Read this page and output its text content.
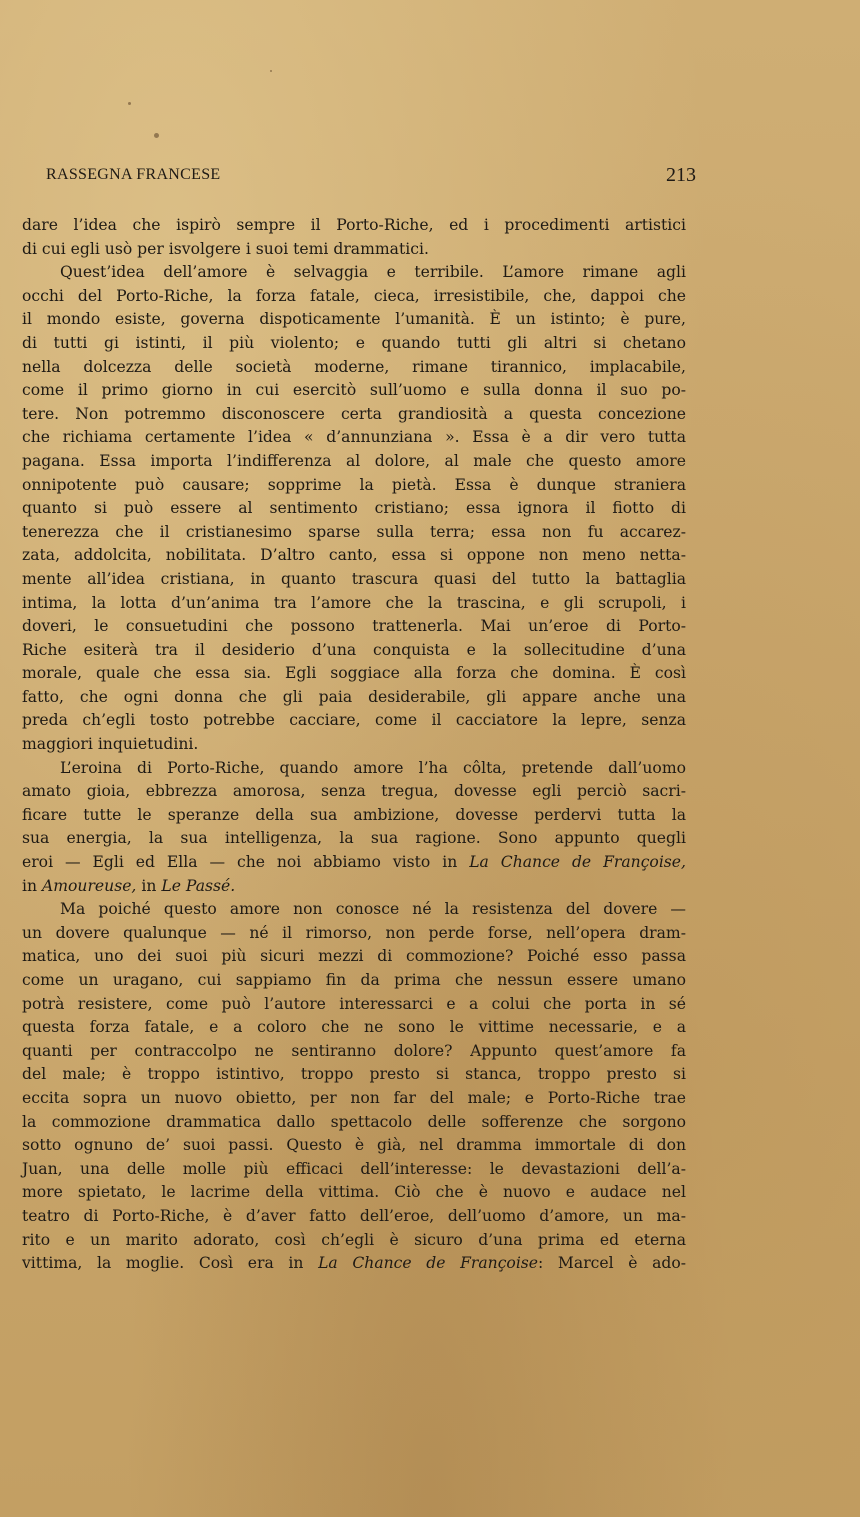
RASSEGNA FRANCESE	213
dare l’idea che ispirò sempre il Porto-Riche, ed i procedimenti artistici
di cui egli usò per isvolgere i suoi temi drammatici.
Quest’idea dell’amore è selvaggia e terribile. L’amore rimane agli
occhi del Porto-Riche, la forza fatale, cieca, irresistibile, che, dappoi che
il mondo esiste, governa dispoticamente l’umanità. È un istinto; è pure,
di tutti gi istinti, il più violento; e quando tutti gli altri si chetano
nella dolcezza delle società moderne, rimane tirannico, implacabile,
come il primo giorno in cui esercitò sull’uomo e sulla donna il suo po-
tere. Non potremmo disconoscere certa grandiosità a questa concezione
che richiama certamente l’idea « d’annunziana ». Essa è a dir vero tutta
pagana. Essa importa l’indifferenza al dolore, al male che questo amore
onnipotente può causare; sopprime la pietà. Essa è dunque straniera
quanto si può essere al sentimento cristiano; essa ignora il fiotto di
tenerezza che il cristianesimo sparse sulla terra; essa non fu accarez-
zata, addolcita, nobilitata. D’altro canto, essa si oppone non meno netta-
mente all’idea cristiana, in quanto trascura quasi del tutto la battaglia
intima, la lotta d’un’anima tra l’amore che la trascina, e gli scrupoli, i
doveri, le consuetudini che possono trattenerla. Mai un’eroe di Porto-
Riche esiterà tra il desiderio d’una conquista e la sollecitudine d’una
morale, quale che essa sia. Egli soggiace alla forza che domina. È così
fatto, che ogni donna che gli paia desiderabile, gli appare anche una
preda ch’egli tosto potrebbe cacciare, come il cacciatore la lepre, senza
maggiori inquietudini.
L’eroina di Porto-Riche, quando amore l’ha côlta, pretende dall’uomo
amato gioia, ebbrezza amorosa, senza tregua, dovesse egli perciò sacri-
ficare tutte le speranze della sua ambizione, dovesse perdervi tutta la
sua energia, la sua intelligenza, la sua ragione. Sono appunto quegli
eroi — Egli ed Ella — che noi abbiamo visto in La Chance de Françoise,
in Amoureuse, in Le Passé.
Ma poiché questo amore non conosce né la resistenza del dovere —
un dovere qualunque — né il rimorso, non perde forse, nell’opera dram-
matica, uno dei suoi più sicuri mezzi di commozione? Poiché esso passa
come un uragano, cui sappiamo fin da prima che nessun essere umano
potrà resistere, come può l’autore interessarci e a colui che porta in sé
questa forza fatale, e a coloro che ne sono le vittime necessarie, e a
quanti per contraccolpo ne sentiranno dolore? Appunto quest’amore fa
del male; è troppo istintivo, troppo presto si stanca, troppo presto si
eccita sopra un nuovo obietto, per non far del male; e Porto-Riche trae
la commozione drammatica dallo spettacolo delle sofferenze che sorgono
sotto ognuno de’ suoi passi. Questo è già, nel dramma immortale di don
Juan, una delle molle più efficaci dell’interesse: le devastazioni dell’a-
more spietato, le lacrime della vittima. Ciò che è nuovo e audace nel
teatro di Porto-Riche, è d’aver fatto dell’eroe, dell’uomo d’amore, un ma-
rito e un marito adorato, così ch’egli è sicuro d’una prima ed eterna
vittima, la moglie. Così era in La Chance de Françoise: Marcel è ado-
